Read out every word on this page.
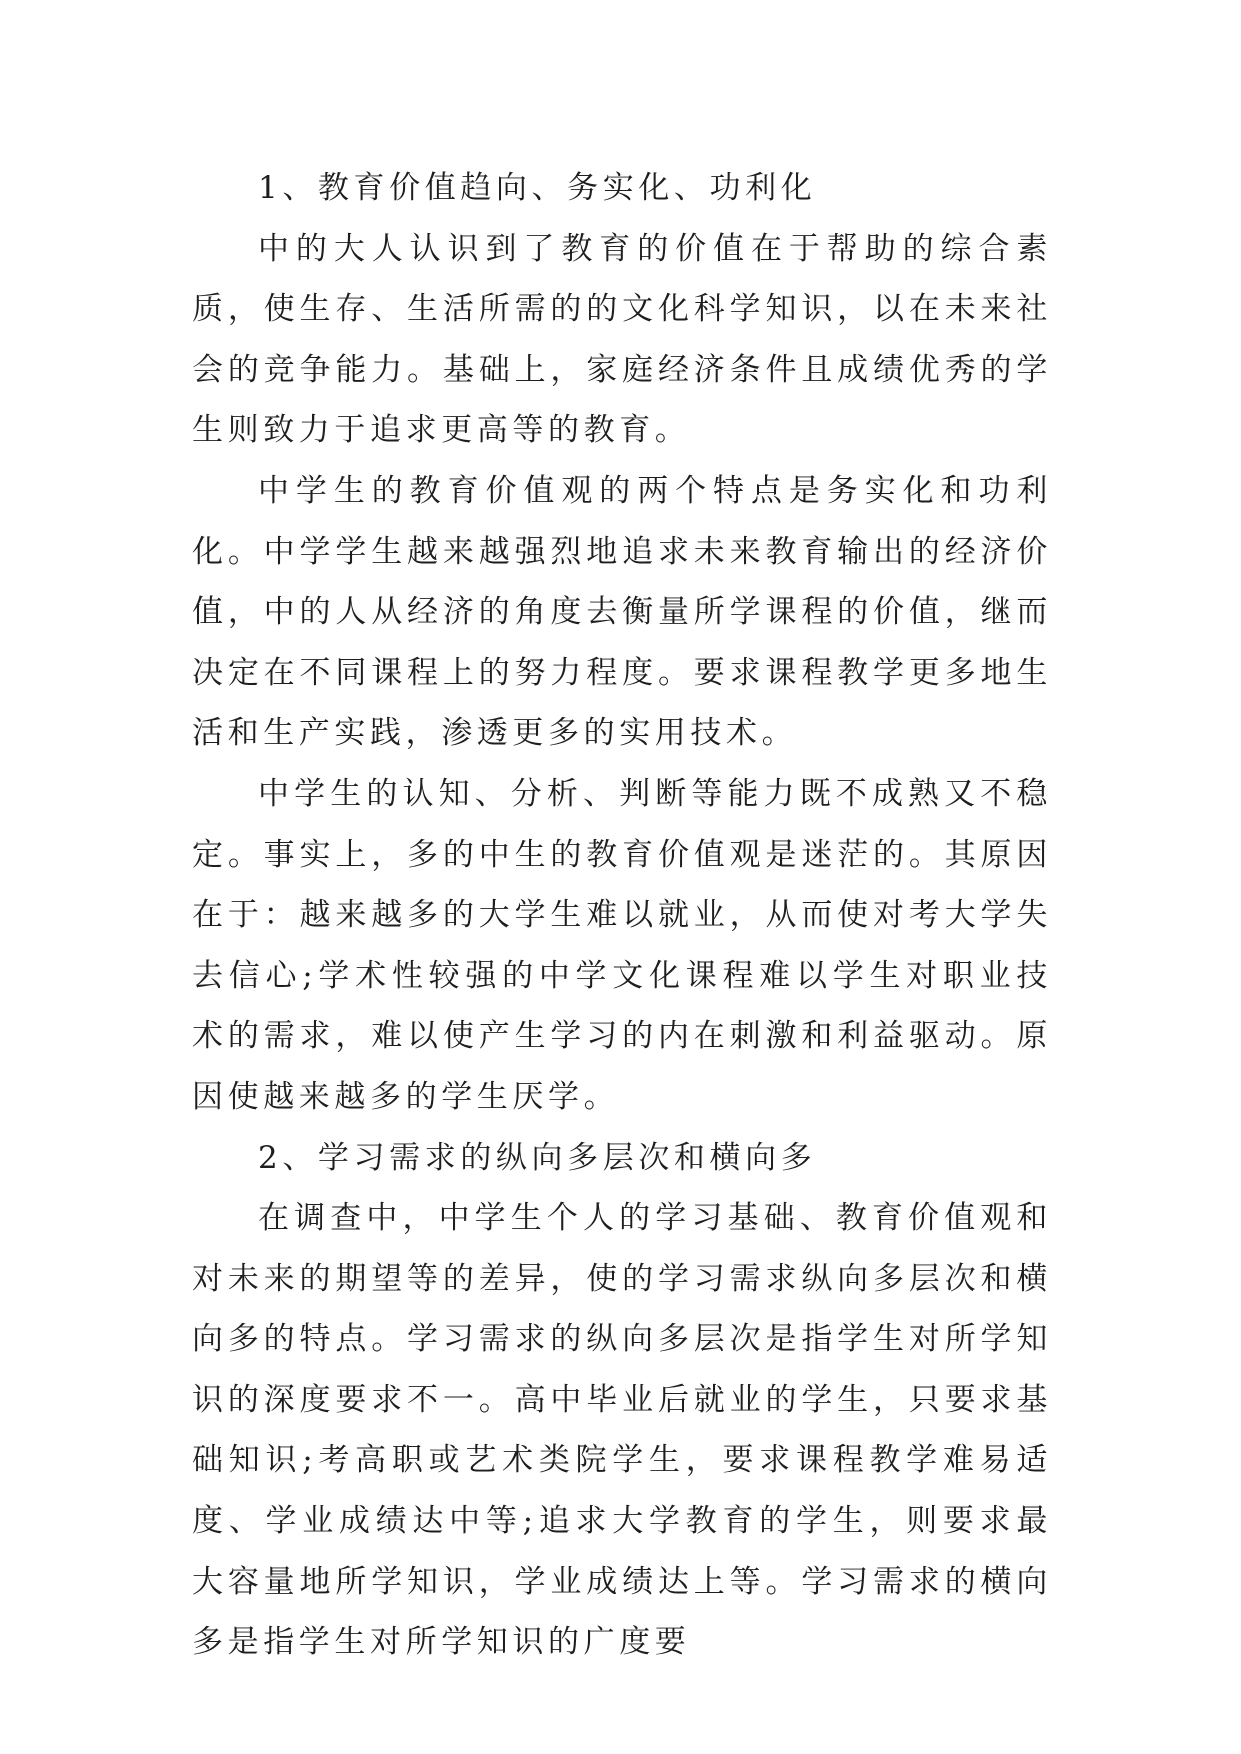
1、教育价值趋向、务实化、功利化

中的大人认识到了教育的价值在于帮助的综合素质，使生存、生活所需的的文化科学知识，以在未来社会的竞争能力。基础上，家庭经济条件且成绩优秀的学生则致力于追求更高等的教育。

中学生的教育价值观的两个特点是务实化和功利化。中学学生越来越强烈地追求未来教育输出的经济价值，中的人从经济的角度去衡量所学课程的价值，继而决定在不同课程上的努力程度。要求课程教学更多地生活和生产实践，渗透更多的实用技术。

中学生的认知、分析、判断等能力既不成熟又不稳定。事实上，多的中生的教育价值观是迷茫的。其原因在于：越来越多的大学生难以就业，从而使对考大学失去信心;学术性较强的中学文化课程难以学生对职业技术的需求，难以使产生学习的内在刺激和利益驱动。原因使越来越多的学生厌学。

2、学习需求的纵向多层次和横向多

在调查中，中学生个人的学习基础、教育价值观和对未来的期望等的差异，使的学习需求纵向多层次和横向多的特点。学习需求的纵向多层次是指学生对所学知识的深度要求不一。高中毕业后就业的学生，只要求基础知识;考高职或艺术类院学生，要求课程教学难易适度、学业成绩达中等;追求大学教育的学生，则要求最大容量地所学知识，学业成绩达上等。学习需求的横向多是指学生对所学知识的广度要
